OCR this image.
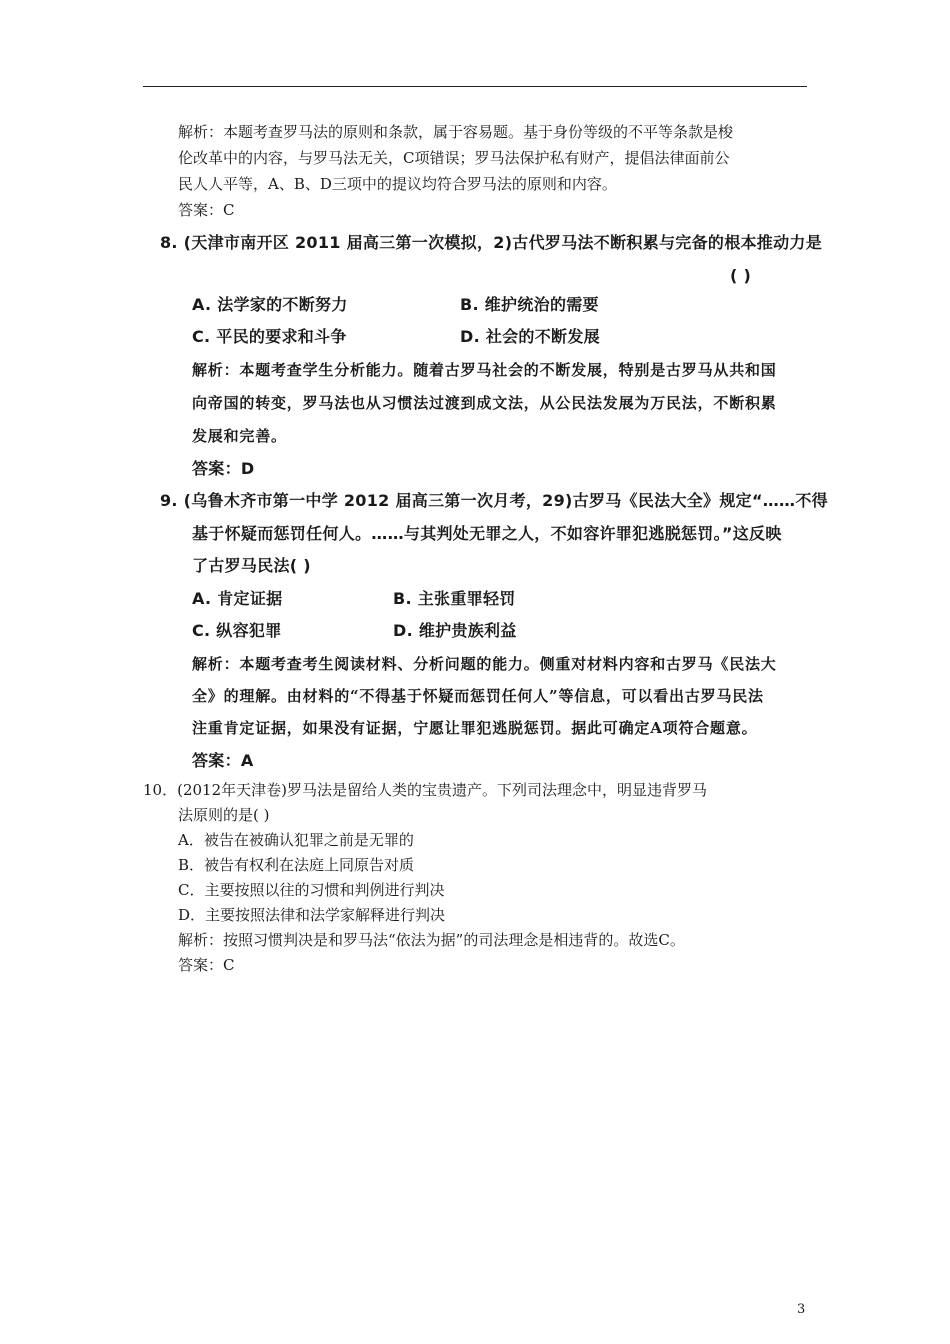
解析：本题考查罗马法的原则和条款，属于容易题。基于身份等级的不平等条款是梭
伦改革中的内容，与罗马法无关，C项错误；罗马法保护私有财产，提倡法律面前公
民人人平等，A、B、D三项中的提议均符合罗马法的原则和内容。
答案：C
8. (天津市南开区 2011 届高三第一次模拟，2)古代罗马法不断积累与完备的根本推动力是
( )
A. 法学家的不断努力	B. 维护统治的需要
C. 平民的要求和斗争	D. 社会的不断发展
解析：本题考查学生分析能力。随着古罗马社会的不断发展，特别是古罗马从共和国
向帝国的转变，罗马法也从习惯法过渡到成文法，从公民法发展为万民法，不断积累
发展和完善。
答案：D
9. (乌鲁木齐市第一中学 2012 届高三第一次月考，29)古罗马《民法大全》规定“……不得
基于怀疑而惩罚任何人。……与其判处无罪之人，不如容许罪犯逃脱惩罚。”这反映
了古罗马民法( )
A. 肯定证据	B. 主张重罪轻罚
C. 纵容犯罪	D. 维护贵族利益
解析：本题考查考生阅读材料、分析问题的能力。侧重对材料内容和古罗马《民法大
全》的理解。由材料的“不得基于怀疑而惩罚任何人”等信息，可以看出古罗马民法
注重肯定证据，如果没有证据，宁愿让罪犯逃脱惩罚。据此可确定A项符合题意。
答案：A
10．(2012年天津卷)罗马法是留给人类的宝贵遗产。下列司法理念中，明显违背罗马
法原则的是( )
A．被告在被确认犯罪之前是无罪的
B．被告有权利在法庭上同原告对质
C．主要按照以往的习惯和判例进行判决
D．主要按照法律和法学家解释进行判决
解析：按照习惯判决是和罗马法“依法为据”的司法理念是相违背的。故选C。
答案：C
3
